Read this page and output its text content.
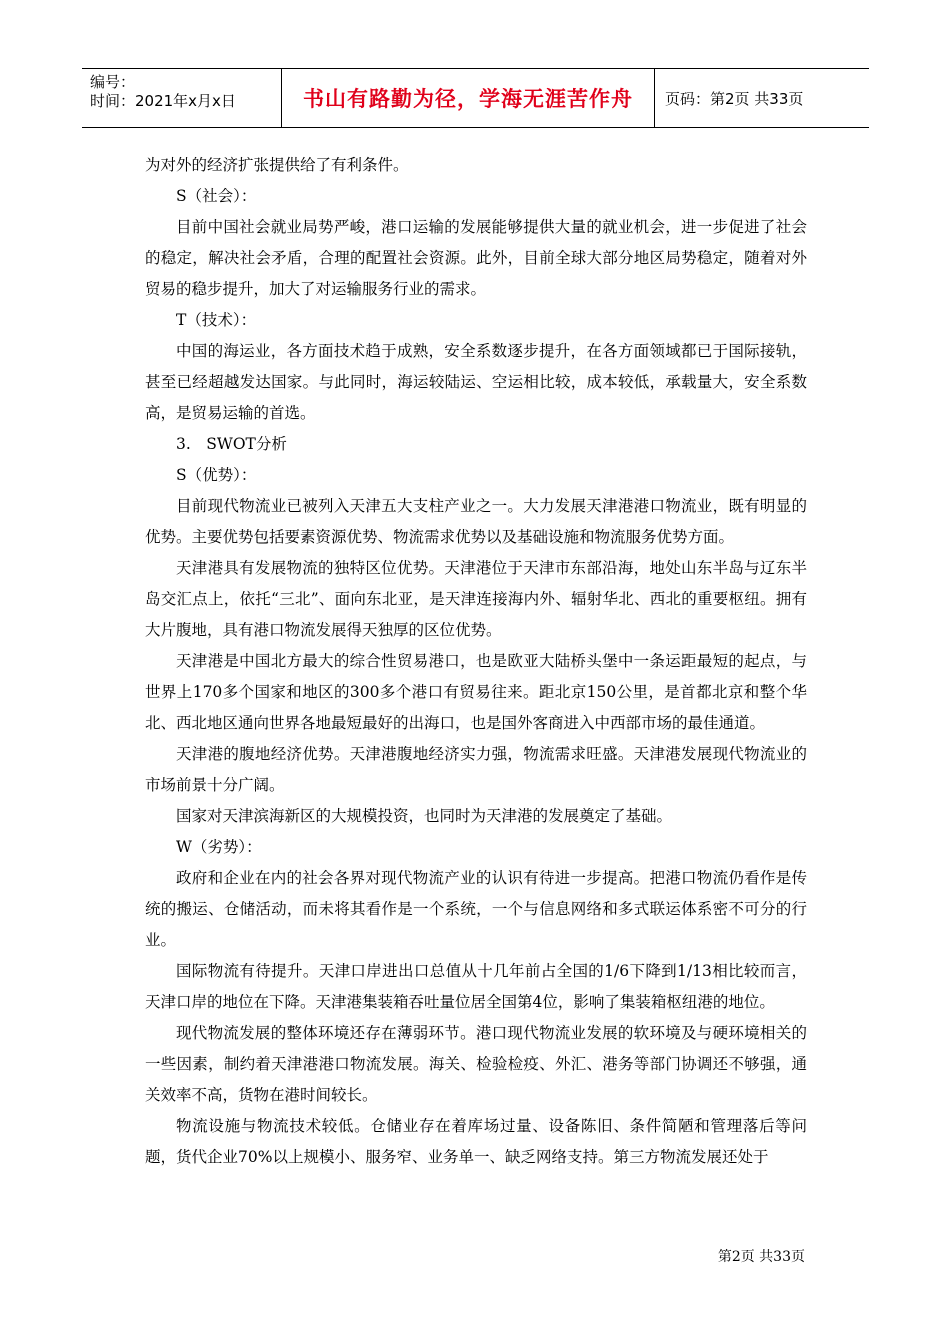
编号：
时间：2021年x月x日	书山有路勤为径，学海无涯苦作舟	页码：第2页 共33页

为对外的经济扩张提供给了有利条件。

S（社会）：

目前中国社会就业局势严峻，港口运输的发展能够提供大量的就业机会，进一步促进了社会的稳定，解决社会矛盾，合理的配置社会资源。此外，目前全球大部分地区局势稳定，随着对外贸易的稳步提升，加大了对运输服务行业的需求。

T（技术）：

中国的海运业，各方面技术趋于成熟，安全系数逐步提升，在各方面领域都已于国际接轨，甚至已经超越发达国家。与此同时，海运较陆运、空运相比较，成本较低，承载量大，安全系数高，是贸易运输的首选。

3.　SWOT分析

S（优势）：

目前现代物流业已被列入天津五大支柱产业之一。大力发展天津港港口物流业，既有明显的优势。主要优势包括要素资源优势、物流需求优势以及基础设施和物流服务优势方面。

天津港具有发展物流的独特区位优势。天津港位于天津市东部沿海，地处山东半岛与辽东半岛交汇点上，依托“三北”、面向东北亚，是天津连接海内外、辐射华北、西北的重要枢纽。拥有大片腹地，具有港口物流发展得天独厚的区位优势。

天津港是中国北方最大的综合性贸易港口，也是欧亚大陆桥头堡中一条运距最短的起点，与世界上170多个国家和地区的300多个港口有贸易往来。距北京150公里，是首都北京和整个华北、西北地区通向世界各地最短最好的出海口，也是国外客商进入中西部市场的最佳通道。

天津港的腹地经济优势。天津港腹地经济实力强，物流需求旺盛。天津港发展现代物流业的市场前景十分广阔。

国家对天津滨海新区的大规模投资，也同时为天津港的发展奠定了基础。

W（劣势）：

政府和企业在内的社会各界对现代物流产业的认识有待进一步提高。把港口物流仍看作是传统的搬运、仓储活动，而未将其看作是一个系统，一个与信息网络和多式联运体系密不可分的行业。

国际物流有待提升。天津口岸进出口总值从十几年前占全国的1/6下降到1/13相比较而言，天津口岸的地位在下降。天津港集装箱吞吐量位居全国第4位，影响了集装箱枢纽港的地位。

现代物流发展的整体环境还存在薄弱环节。港口现代物流业发展的软环境及与硬环境相关的一些因素，制约着天津港港口物流发展。海关、检验检疫、外汇、港务等部门协调还不够强，通关效率不高，货物在港时间较长。

物流设施与物流技术较低。仓储业存在着库场过量、设备陈旧、条件简陋和管理落后等问题，货代企业70%以上规模小、服务窄、业务单一、缺乏网络支持。第三方物流发展还处于

第2页 共33页
